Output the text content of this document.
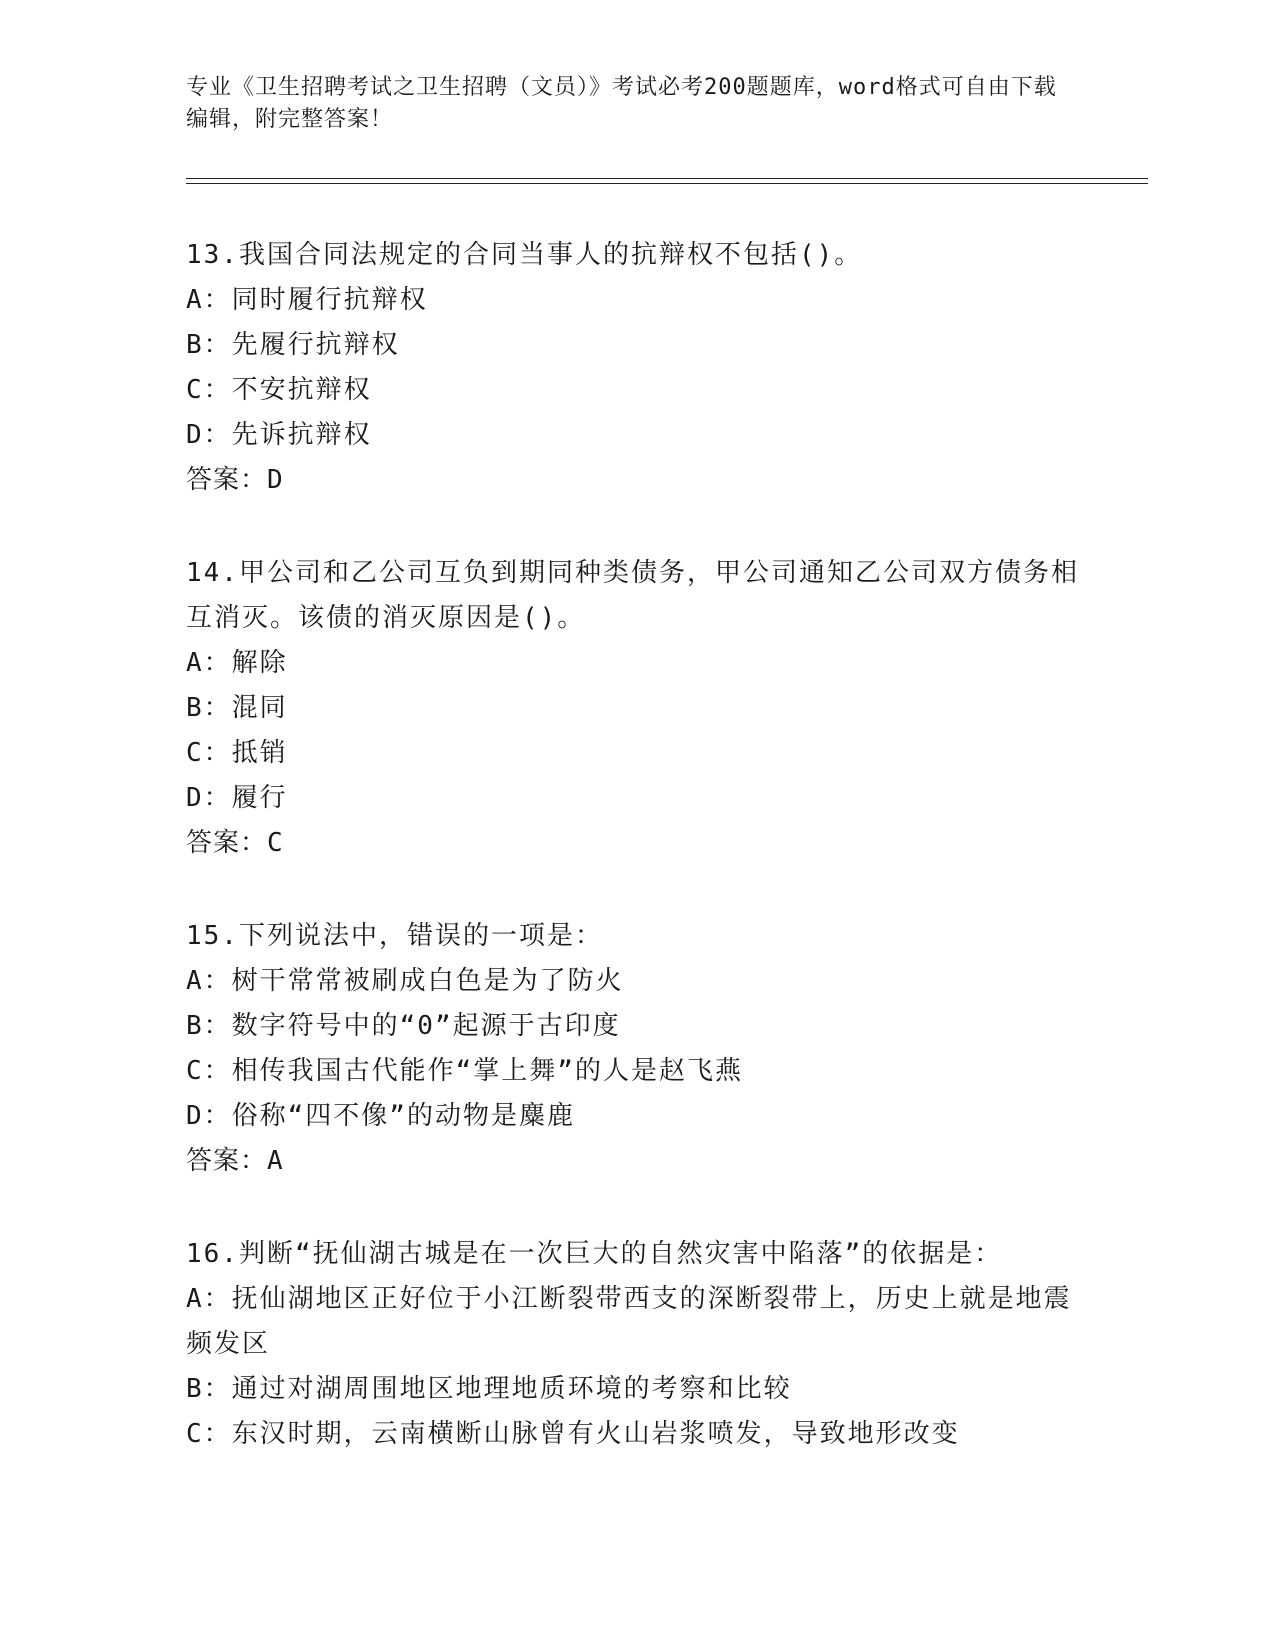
专业《卫生招聘考试之卫生招聘（文员）》考试必考200题题库，word格式可自由下载编辑，附完整答案！

13.我国合同法规定的合同当事人的抗辩权不包括()。

A：同时履行抗辩权

B：先履行抗辩权

C：不安抗辩权

D：先诉抗辩权

答案：D

14.甲公司和乙公司互负到期同种类债务，甲公司通知乙公司双方债务相互消灭。该债的消灭原因是()。

A：解除

B：混同

C：抵销

D：履行

答案：C

15.下列说法中，错误的一项是：

A：树干常常被刷成白色是为了防火

B：数字符号中的“0”起源于古印度

C：相传我国古代能作“掌上舞”的人是赵飞燕

D：俗称“四不像”的动物是麋鹿

答案：A

16.判断“抚仙湖古城是在一次巨大的自然灾害中陷落”的依据是：

A：抚仙湖地区正好位于小江断裂带西支的深断裂带上，历史上就是地震频发区

B：通过对湖周围地区地理地质环境的考察和比较

C：东汉时期，云南横断山脉曾有火山岩浆喷发，导致地形改变
